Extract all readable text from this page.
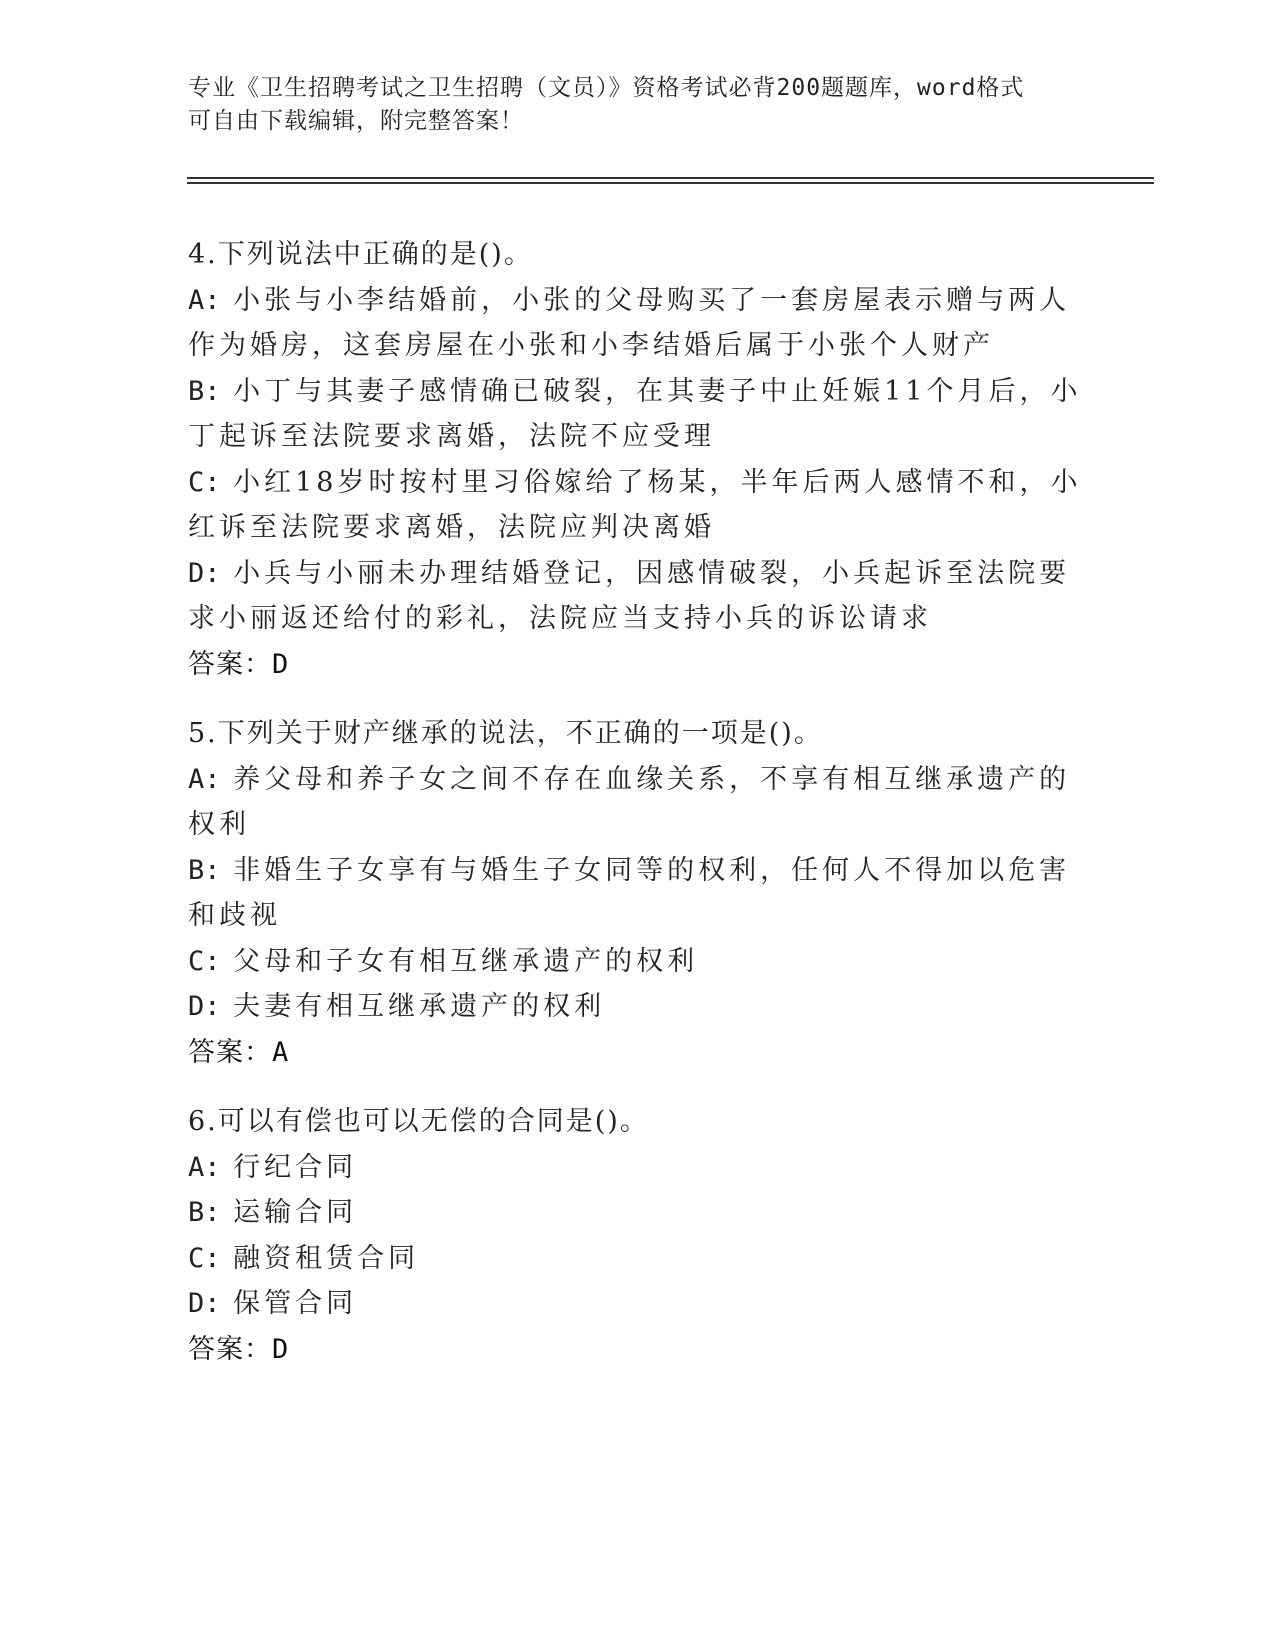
专业《卫生招聘考试之卫生招聘（文员）》资格考试必背200题题库，word格式
可自由下载编辑，附完整答案！
4.下列说法中正确的是()。
A: 小张与小李结婚前，小张的父母购买了一套房屋表示赠与两人作为婚房，这套房屋在小张和小李结婚后属于小张个人财产
B: 小丁与其妻子感情确已破裂，在其妻子中止妊娠11个月后，小丁起诉至法院要求离婚，法院不应受理
C: 小红18岁时按村里习俗嫁给了杨某，半年后两人感情不和，小红诉至法院要求离婚，法院应判决离婚
D: 小兵与小丽未办理结婚登记，因感情破裂，小兵起诉至法院要求小丽返还给付的彩礼，法院应当支持小兵的诉讼请求
答案：D
5.下列关于财产继承的说法，不正确的一项是()。
A: 养父母和养子女之间不存在血缘关系，不享有相互继承遗产的权利
B: 非婚生子女享有与婚生子女同等的权利，任何人不得加以危害和歧视
C: 父母和子女有相互继承遗产的权利
D: 夫妻有相互继承遗产的权利
答案：A
6.可以有偿也可以无偿的合同是()。
A: 行纪合同
B: 运输合同
C: 融资租赁合同
D: 保管合同
答案：D
